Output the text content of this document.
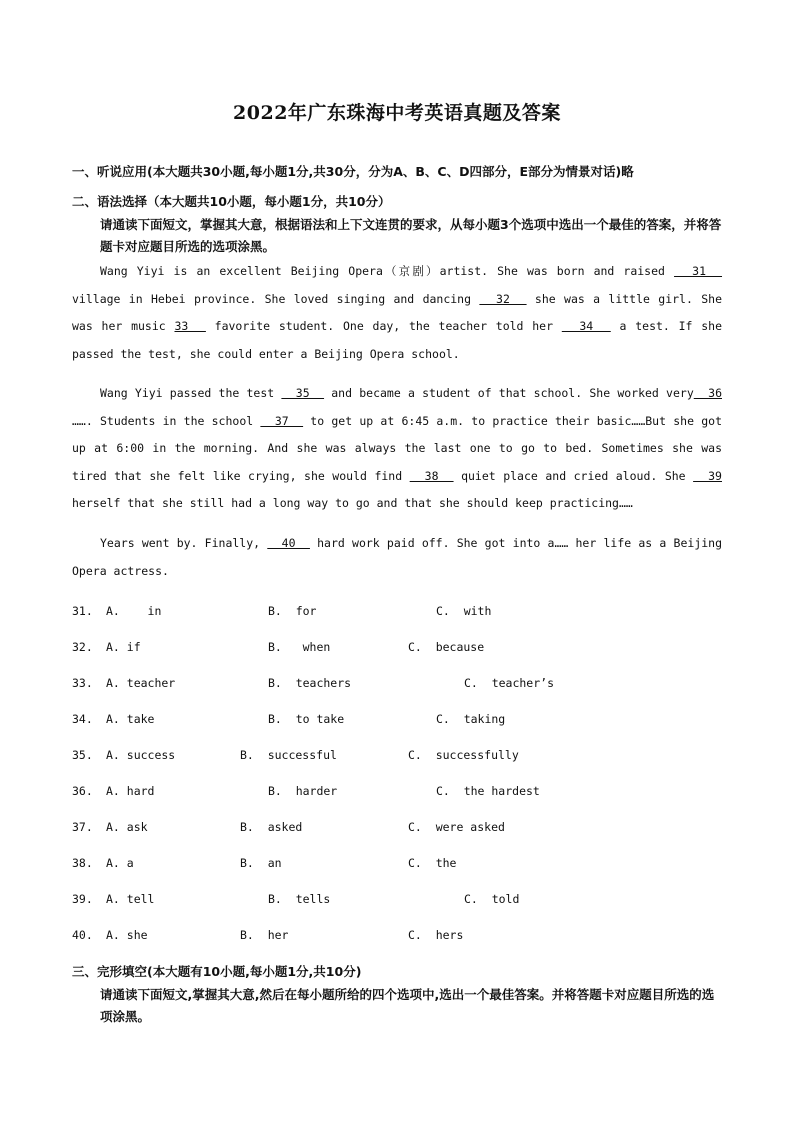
2022年广东珠海中考英语真题及答案
一、听说应用(本大题共30小题,每小题1分,共30分，分为A、B、C、D四部分，E部分为情景对话)略
二、语法选择（本大题共10小题，每小题1分，共10分）
请通读下面短文，掌握其大意，根据语法和上下文连贯的要求，从每小题3个选项中选出一个最佳的答案，并将答题卡对应题目所选的选项涂黑。
Wang Yiyi is an excellent Beijing Opera（京剧）artist. She was born and raised   31   village in Hebei province. She loved singing and dancing   32   she was a little girl. She was her music 33   favorite student. One day, the teacher told her   34   a test. If she passed the test, she could enter a Beijing Opera school.
Wang Yiyi passed the test   35   and became a student of that school. She worked very  36 ……. Students in the school   37   to get up at 6:45 a.m. to practice their basic……But she got up at 6:00 in the morning. And she was always the last one to go to bed. Sometimes she was tired that she felt like crying, she would find   38   quiet place and cried aloud. She   39 herself that she still had a long way to go and that she should keep practicing……
Years went by. Finally,   40   hard work paid off. She got into a…… her life as a Beijing Opera actress.
31. A.    in	B.  for	C.  with
32. A. if	B.   when	C.  because
33. A. teacher	B.  teachers	C.  teacher’s
34. A. take	B.  to take	C.  taking
35. A. success	B.  successful	C.  successfully
36. A. hard	B.  harder	C.  the hardest
37. A. ask	B.  asked	C.  were asked
38. A. a	B.  an	C.  the
39. A. tell	B.  tells	C.  told
40. A. she	B.  her	C.  hers
三、完形填空(本大题有10小题,每小题1分,共10分)
请通读下面短文,掌握其大意,然后在每小题所给的四个选项中,选出一个最佳答案。并将答题卡对应题目所选的选项涂黑。
